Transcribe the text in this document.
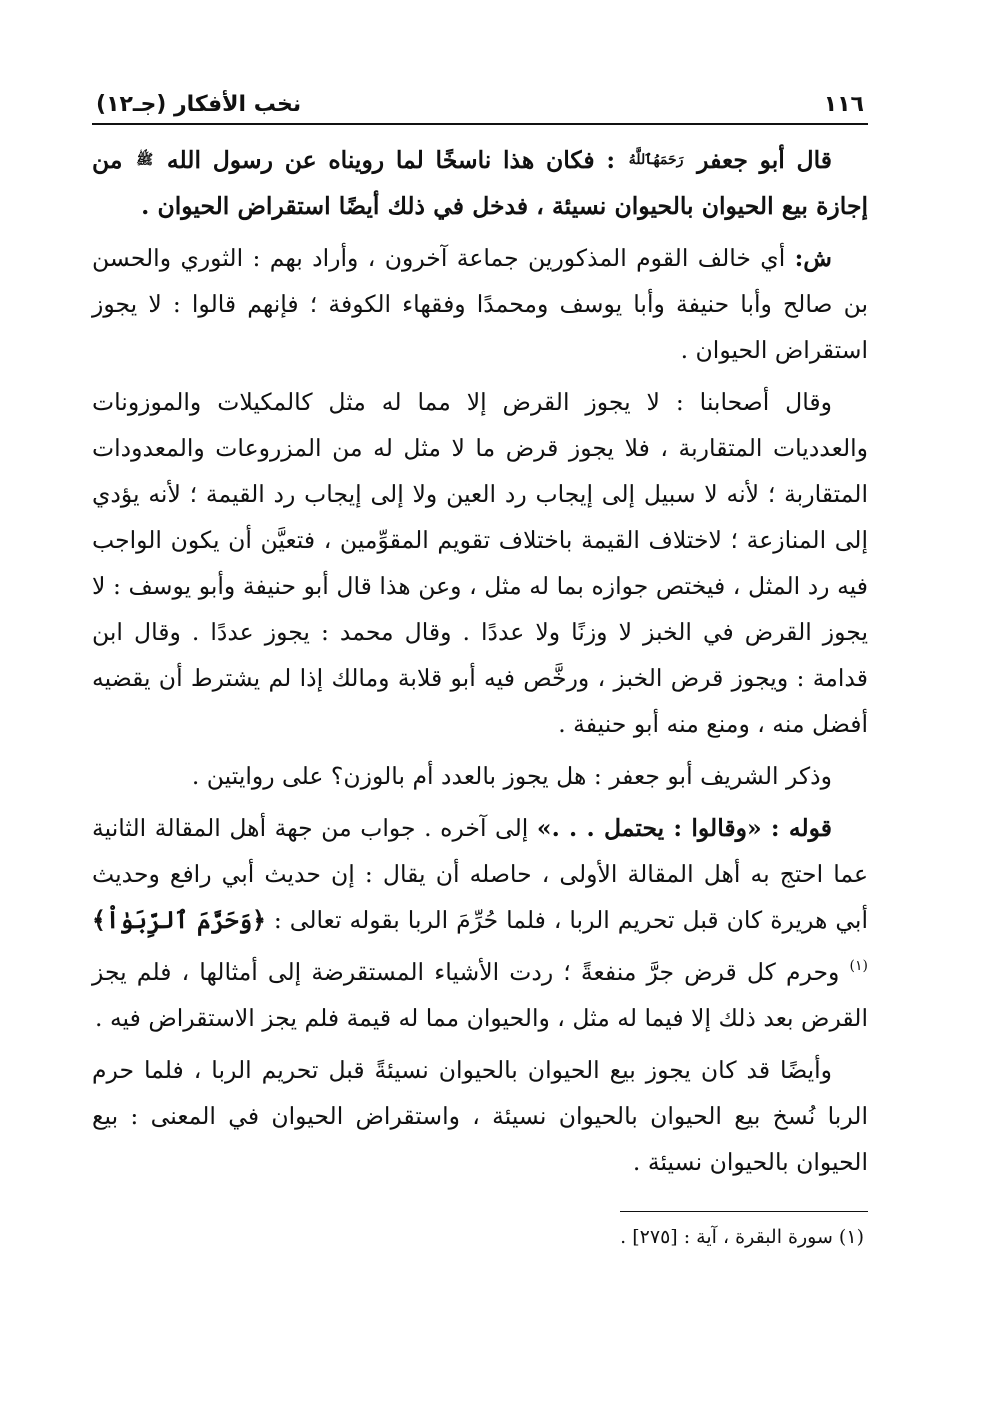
١١٦
نخب الأفكار (جـ١٢)

قال أبو جعفر رَحَمَهُٱللَّهُ : فكان هذا ناسخًا لما رويناه عن رسول الله ﷺ من إجازة بيع الحيوان بالحيوان نسيئة ، فدخل في ذلك أيضًا استقراض الحيوان .

ش: أي خالف القوم المذكورين جماعة آخرون ، وأراد بهم : الثوري والحسن بن صالح وأبا حنيفة وأبا يوسف ومحمدًا وفقهاء الكوفة ؛ فإنهم قالوا : لا يجوز استقراض الحيوان .

وقال أصحابنا : لا يجوز القرض إلا مما له مثل كالمكيلات والموزونات والعدديات المتقاربة ، فلا يجوز قرض ما لا مثل له من المزروعات والمعدودات المتقاربة ؛ لأنه لا سبيل إلى إيجاب رد العين ولا إلى إيجاب رد القيمة ؛ لأنه يؤدي إلى المنازعة ؛ لاختلاف القيمة باختلاف تقويم المقوِّمين ، فتعيَّن أن يكون الواجب فيه رد المثل ، فيختص جوازه بما له مثل ، وعن هذا قال أبو حنيفة وأبو يوسف : لا يجوز القرض في الخبز لا وزنًا ولا عددًا . وقال محمد : يجوز عددًا . وقال ابن قدامة : ويجوز قرض الخبز ، ورخَّص فيه أبو قلابة ومالك إذا لم يشترط أن يقضيه أفضل منه ، ومنع منه أبو حنيفة .

وذكر الشريف أبو جعفر : هل يجوز بالعدد أم بالوزن؟ على روايتين .

قوله : «وقالوا : يحتمل . . .» إلى آخره . جواب من جهة أهل المقالة الثانية عما احتج به أهل المقالة الأولى ، حاصله أن يقال : إن حديث أبي رافع وحديث أبي هريرة كان قبل تحريم الربا ، فلما حُرِّمَ الربا بقوله تعالى : ﴿وَحَرَّمَ ٱلرِّبَوٰاْ﴾$^{(١)}$ وحرم كل قرض جرَّ منفعةً ؛ ردت الأشياء المستقرضة إلى أمثالها ، فلم يجز القرض بعد ذلك إلا فيما له مثل ، والحيوان مما له قيمة فلم يجز الاستقراض فيه .

وأيضًا قد كان يجوز بيع الحيوان بالحيوان نسيئةً قبل تحريم الربا ، فلما حرم الربا نُسخ بيع الحيوان بالحيوان نسيئة ، واستقراض الحيوان في المعنى : بيع الحيوان بالحيوان نسيئة .

(١) سورة البقرة ، آية : [٢٧٥] .
